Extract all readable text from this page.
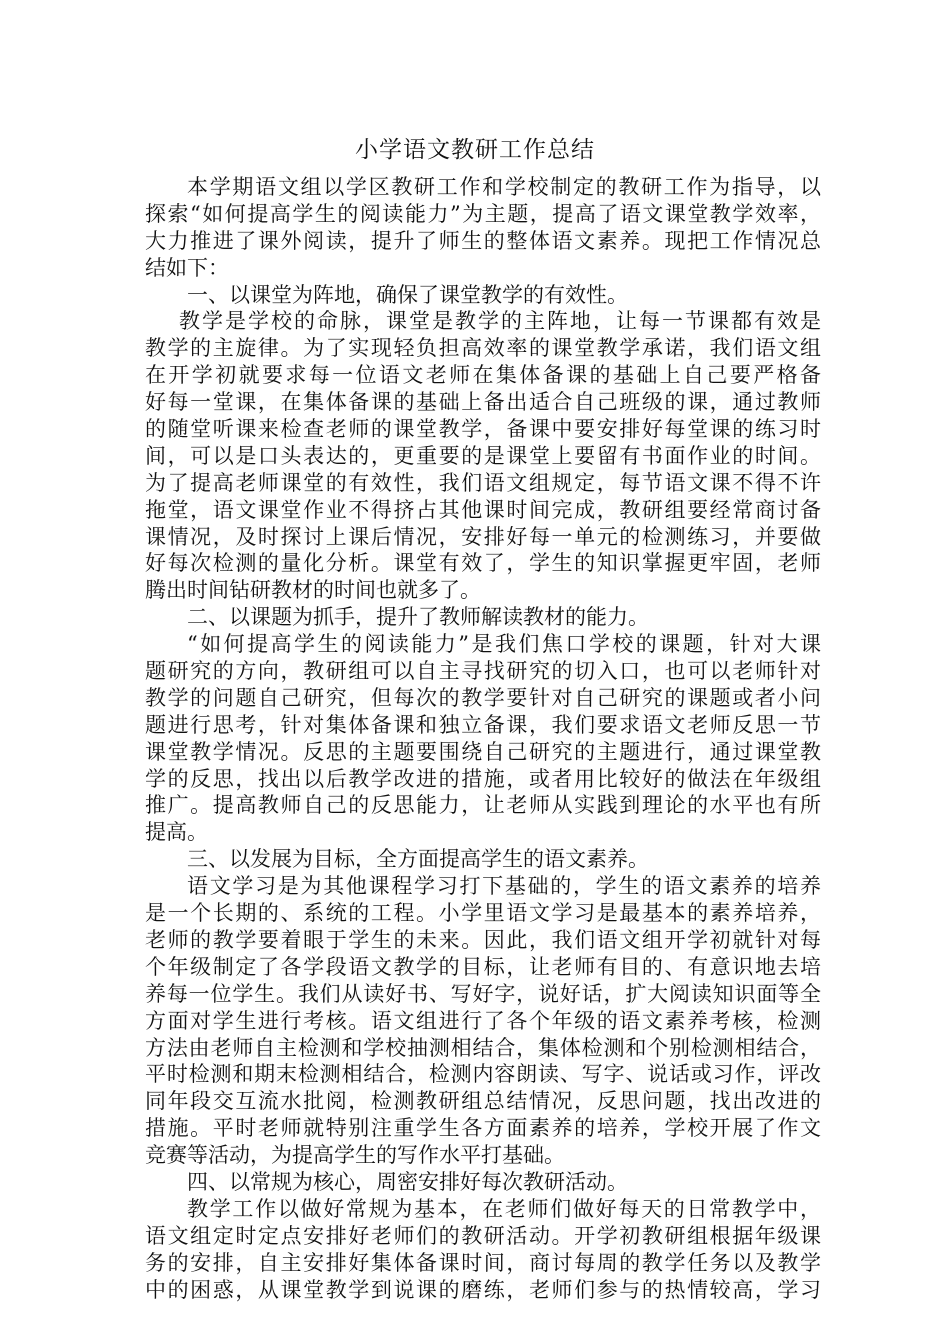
小学语文教研工作总结
本学期语文组以学区教研工作和学校制定的教研工作为指导，以
探索“如何提高学生的阅读能力”为主题，提高了语文课堂教学效率，
大力推进了课外阅读，提升了师生的整体语文素养。现把工作情况总
结如下：
一、以课堂为阵地，确保了课堂教学的有效性。
教学是学校的命脉，课堂是教学的主阵地，让每一节课都有效是
教学的主旋律。为了实现轻负担高效率的课堂教学承诺，我们语文组
在开学初就要求每一位语文老师在集体备课的基础上自己要严格备
好每一堂课，在集体备课的基础上备出适合自己班级的课，通过教师
的随堂听课来检查老师的课堂教学，备课中要安排好每堂课的练习时
间，可以是口头表达的，更重要的是课堂上要留有书面作业的时间。
为了提高老师课堂的有效性，我们语文组规定，每节语文课不得不许
拖堂，语文课堂作业不得挤占其他课时间完成，教研组要经常商讨备
课情况，及时探讨上课后情况，安排好每一单元的检测练习，并要做
好每次检测的量化分析。课堂有效了，学生的知识掌握更牢固，老师
腾出时间钻研教材的时间也就多了。
二、以课题为抓手，提升了教师解读教材的能力。
“如何提高学生的阅读能力”是我们焦口学校的课题，针对大课
题研究的方向，教研组可以自主寻找研究的切入口，也可以老师针对
教学的问题自己研究，但每次的教学要针对自己研究的课题或者小问
题进行思考，针对集体备课和独立备课，我们要求语文老师反思一节
课堂教学情况。反思的主题要围绕自己研究的主题进行，通过课堂教
学的反思，找出以后教学改进的措施，或者用比较好的做法在年级组
推广。提高教师自己的反思能力，让老师从实践到理论的水平也有所
提高。
三、以发展为目标，全方面提高学生的语文素养。
语文学习是为其他课程学习打下基础的，学生的语文素养的培养
是一个长期的、系统的工程。小学里语文学习是最基本的素养培养，
老师的教学要着眼于学生的未来。因此，我们语文组开学初就针对每
个年级制定了各学段语文教学的目标，让老师有目的、有意识地去培
养每一位学生。我们从读好书、写好字，说好话，扩大阅读知识面等全
方面对学生进行考核。语文组进行了各个年级的语文素养考核，检测
方法由老师自主检测和学校抽测相结合，集体检测和个别检测相结合，
平时检测和期末检测相结合，检测内容朗读、写字、说话或习作，评改
同年段交互流水批阅，检测教研组总结情况，反思问题，找出改进的
措施。平时老师就特别注重学生各方面素养的培养，学校开展了作文
竞赛等活动，为提高学生的写作水平打基础。
四、以常规为核心，周密安排好每次教研活动。
教学工作以做好常规为基本，在老师们做好每天的日常教学中，
语文组定时定点安排好老师们的教研活动。开学初教研组根据年级课
务的安排，自主安排好集体备课时间，商讨每周的教学任务以及教学
中的困惑，从课堂教学到说课的磨练，老师们参与的热情较高，学习
